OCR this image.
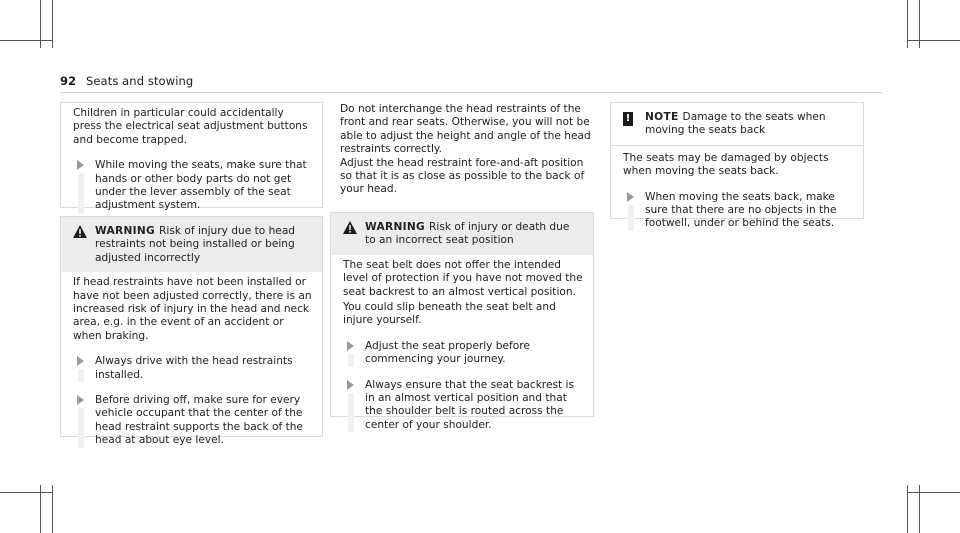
92 Seats and stowing

Children in particular could accidentally press the electrical seat adjustment buttons and become trapped.

While moving the seats, make sure that hands or other body parts do not get under the lever assembly of the seat adjustment system.
WARNING Risk of injury due to head restraints not being installed or being adjusted incorrectly

If head restraints have not been installed or have not been adjusted correctly, there is an increased risk of injury in the head and neck area, e.g. in the event of an accident or when braking.

Always drive with the head restraints installed.
Before driving off, make sure for every vehicle occupant that the center of the head restraint supports the back of the head at about eye level.

Do not interchange the head restraints of the front and rear seats. Otherwise, you will not be able to adjust the height and angle of the head restraints correctly.

Adjust the head restraint fore-and-aft position so that it is as close as possible to the back of your head.

WARNING Risk of injury or death due to an incorrect seat position

The seat belt does not offer the intended level of protection if you have not moved the seat backrest to an almost vertical position.

You could slip beneath the seat belt and injure yourself.

Adjust the seat properly before commencing your journey.
Always ensure that the seat backrest is in an almost vertical position and that the shoulder belt is routed across the center of your shoulder.
! NOTE Damage to the seats when moving the seats back

The seats may be damaged by objects when moving the seats back.

When moving the seats back, make sure that there are no objects in the footwell, under or behind the seats.
